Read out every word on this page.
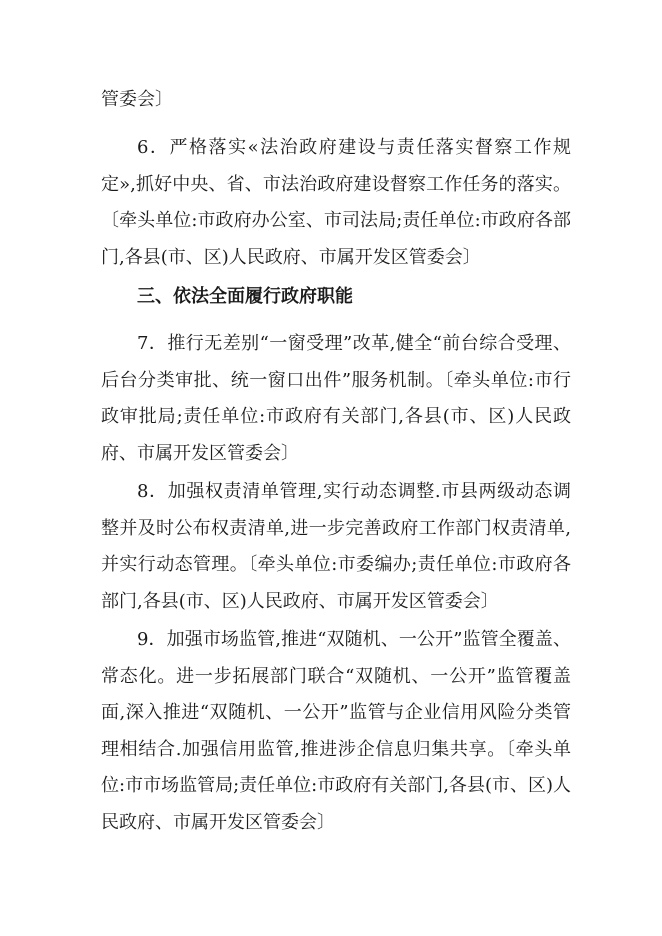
管委会〕

6．严格落实«法治政府建设与责任落实督察工作规定»,抓好中央、省、市法治政府建设督察工作任务的落实。〔牵头单位:市政府办公室、市司法局;责任单位:市政府各部门,各县(市、区)人民政府、市属开发区管委会〕

三、依法全面履行政府职能

7．推行无差别“一窗受理”改革,健全“前台综合受理、后台分类审批、统一窗口出件”服务机制。〔牵头单位:市行政审批局;责任单位:市政府有关部门,各县(市、区)人民政府、市属开发区管委会〕

8．加强权责清单管理,实行动态调整.市县两级动态调整并及时公布权责清单,进一步完善政府工作部门权责清单,并实行动态管理。〔牵头单位:市委编办;责任单位:市政府各部门,各县(市、区)人民政府、市属开发区管委会〕

9．加强市场监管,推进“双随机、一公开”监管全覆盖、常态化。进一步拓展部门联合“双随机、一公开”监管覆盖面,深入推进“双随机、一公开”监管与企业信用风险分类管理相结合.加强信用监管,推进涉企信息归集共享。〔牵头单位:市市场监管局;责任单位:市政府有关部门,各县(市、区)人民政府、市属开发区管委会〕
